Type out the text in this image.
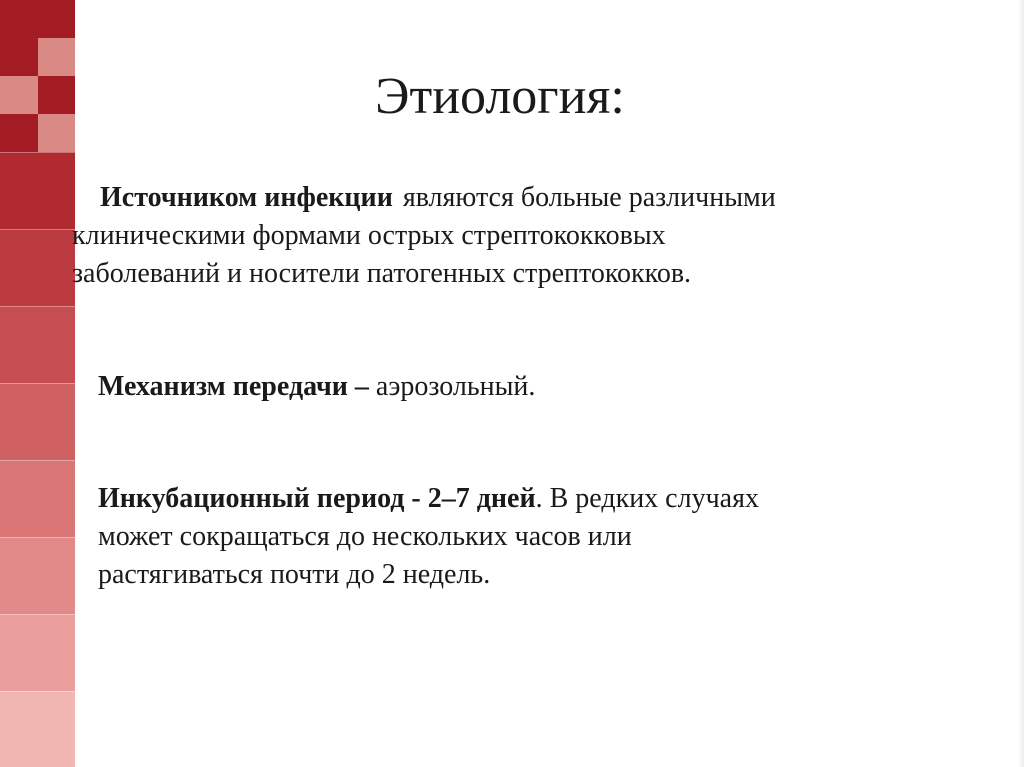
Этиология:
Источником инфекции являются больные различными
клиническими формами острых стрептококковых
заболеваний и носители патогенных стрептококков.
Механизм передачи – аэрозольный.
Инкубационный период - 2–7 дней. В редких случаях
может сокращаться до нескольких часов или
растягиваться почти до 2 недель.
